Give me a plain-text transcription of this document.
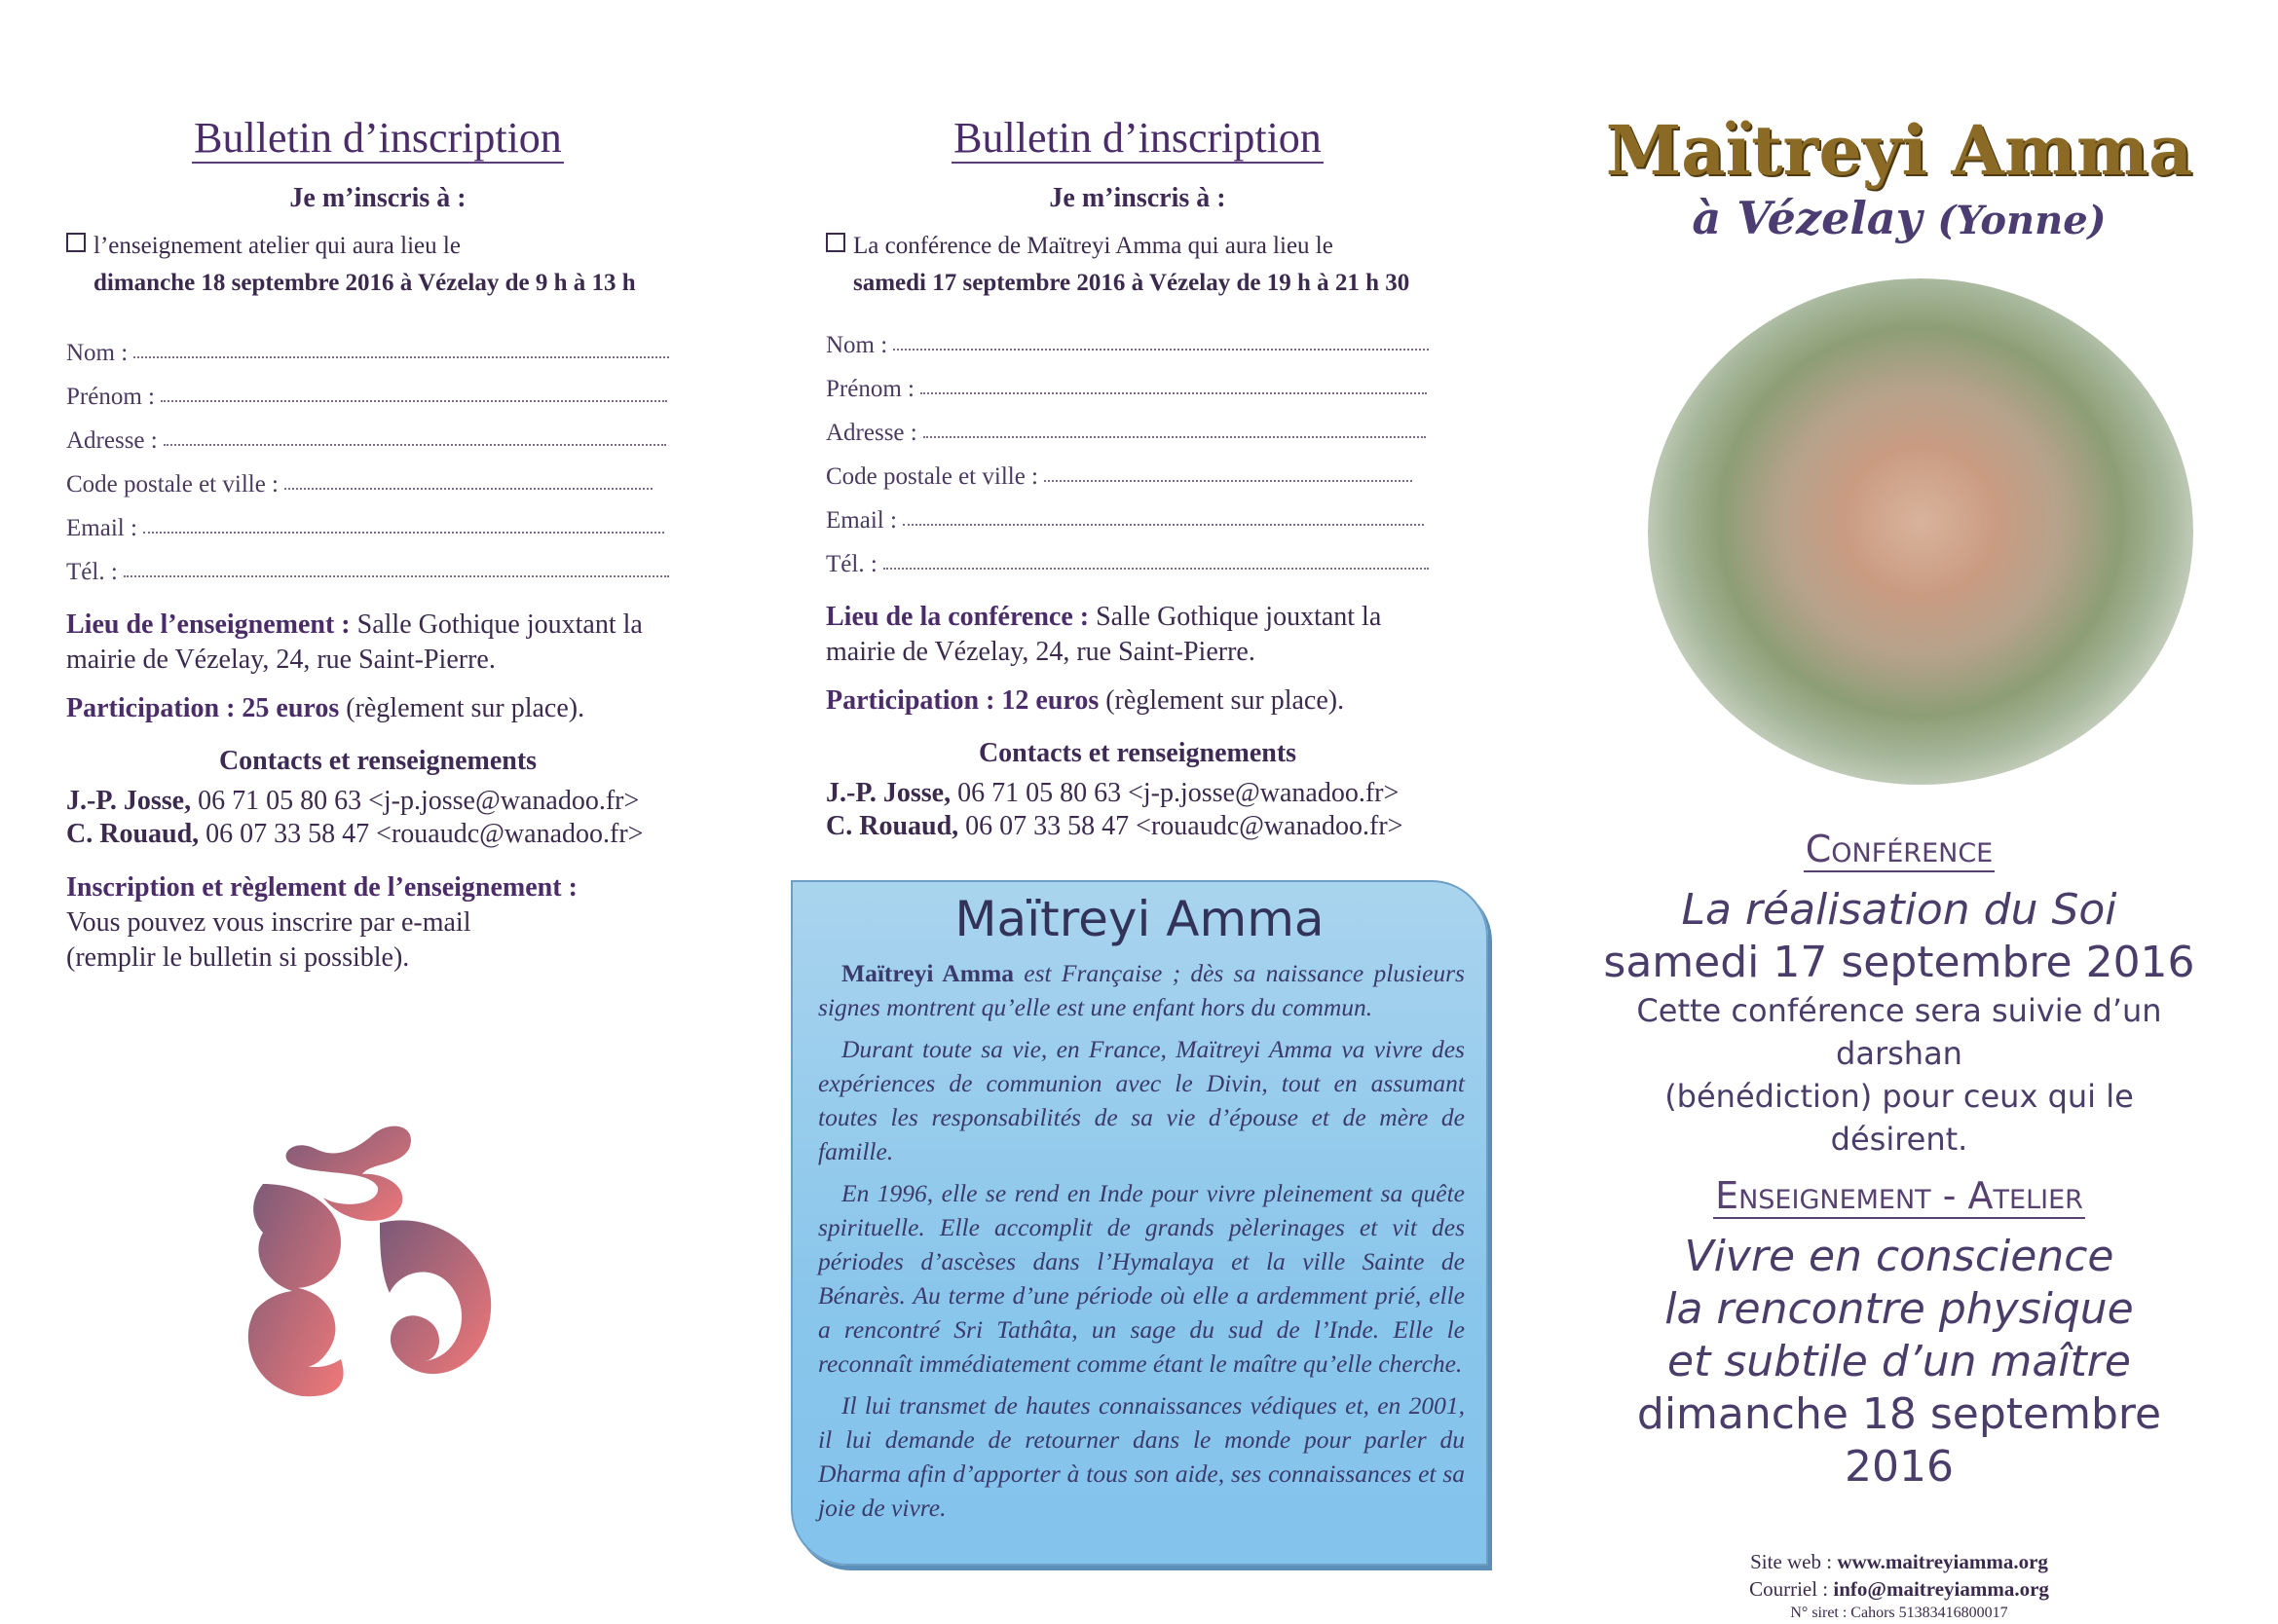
Bulletin d’inscription
Je m’inscris à :
l’enseignement atelier qui aura lieu le
dimanche 18 septembre 2016 à Vézelay de 9 h à 13 h
Nom :
Prénom :
Adresse :
Code postale et ville :
Email :
Tél. :
Lieu de l’enseignement : Salle Gothique jouxtant la mairie de Vézelay, 24, rue Saint-Pierre.
Participation : 25 euros (règlement sur place).
Contacts et renseignements
J.-P. Josse, 06 71 05 80 63 <j-p.josse@wanadoo.fr>
C. Rouaud, 06 07 33 58 47 <rouaudc@wanadoo.fr>
Inscription et règlement de l’enseignement :
Vous pouvez vous inscrire par e-mail
(remplir le bulletin si possible).
Bulletin d’inscription
Je m’inscris à :
La conférence de Maïtreyi Amma qui aura lieu le
samedi 17 septembre 2016 à Vézelay de 19 h à 21 h 30
Nom :
Prénom :
Adresse :
Code postale et ville :
Email :
Tél. :
Lieu de la conférence : Salle Gothique jouxtant la mairie de Vézelay, 24, rue Saint-Pierre.
Participation : 12 euros (règlement sur place).
Contacts et renseignements
J.-P. Josse, 06 71 05 80 63 <j-p.josse@wanadoo.fr>
C. Rouaud, 06 07 33 58 47 <rouaudc@wanadoo.fr>
Maïtreyi Amma

Maïtreyi Amma est Française ; dès sa naissance plusieurs signes montrent qu’elle est une enfant hors du commun.

Durant toute sa vie, en France, Maïtreyi Amma va vivre des expériences de communion avec le Divin, tout en assumant toutes les responsabilités de sa vie d’épouse et de mère de famille.

En 1996, elle se rend en Inde pour vivre pleinement sa quête spirituelle. Elle accomplit de grands pèlerinages et vit des périodes d’ascèses dans l’Hymalaya et la ville Sainte de Bénarès. Au terme d’une période où elle a ardemment prié, elle a rencontré Sri Tathâta, un sage du sud de l’Inde. Elle le reconnaît immédiatement comme étant le maître qu’elle cherche.

Il lui transmet de hautes connaissances védiques et, en 2001, il lui demande de retourner dans le monde pour parler du Dharma afin d’apporter à tous son aide, ses connaissances et sa joie de vivre.

Maïtreyi Amma
à Vézelay (Yonne)
Conférence
La réalisation du Soi
samedi 17 septembre 2016
Cette conférence sera suivie d’un darshan
(bénédiction) pour ceux qui le désirent.
Enseignement - Atelier
Vivre en conscience
la rencontre physique
et subtile d’un maître
dimanche 18 septembre 2016
Site web : www.maitreyiamma.org
Courriel : info@maitreyiamma.org
N° siret : Cahors 51383416800017
